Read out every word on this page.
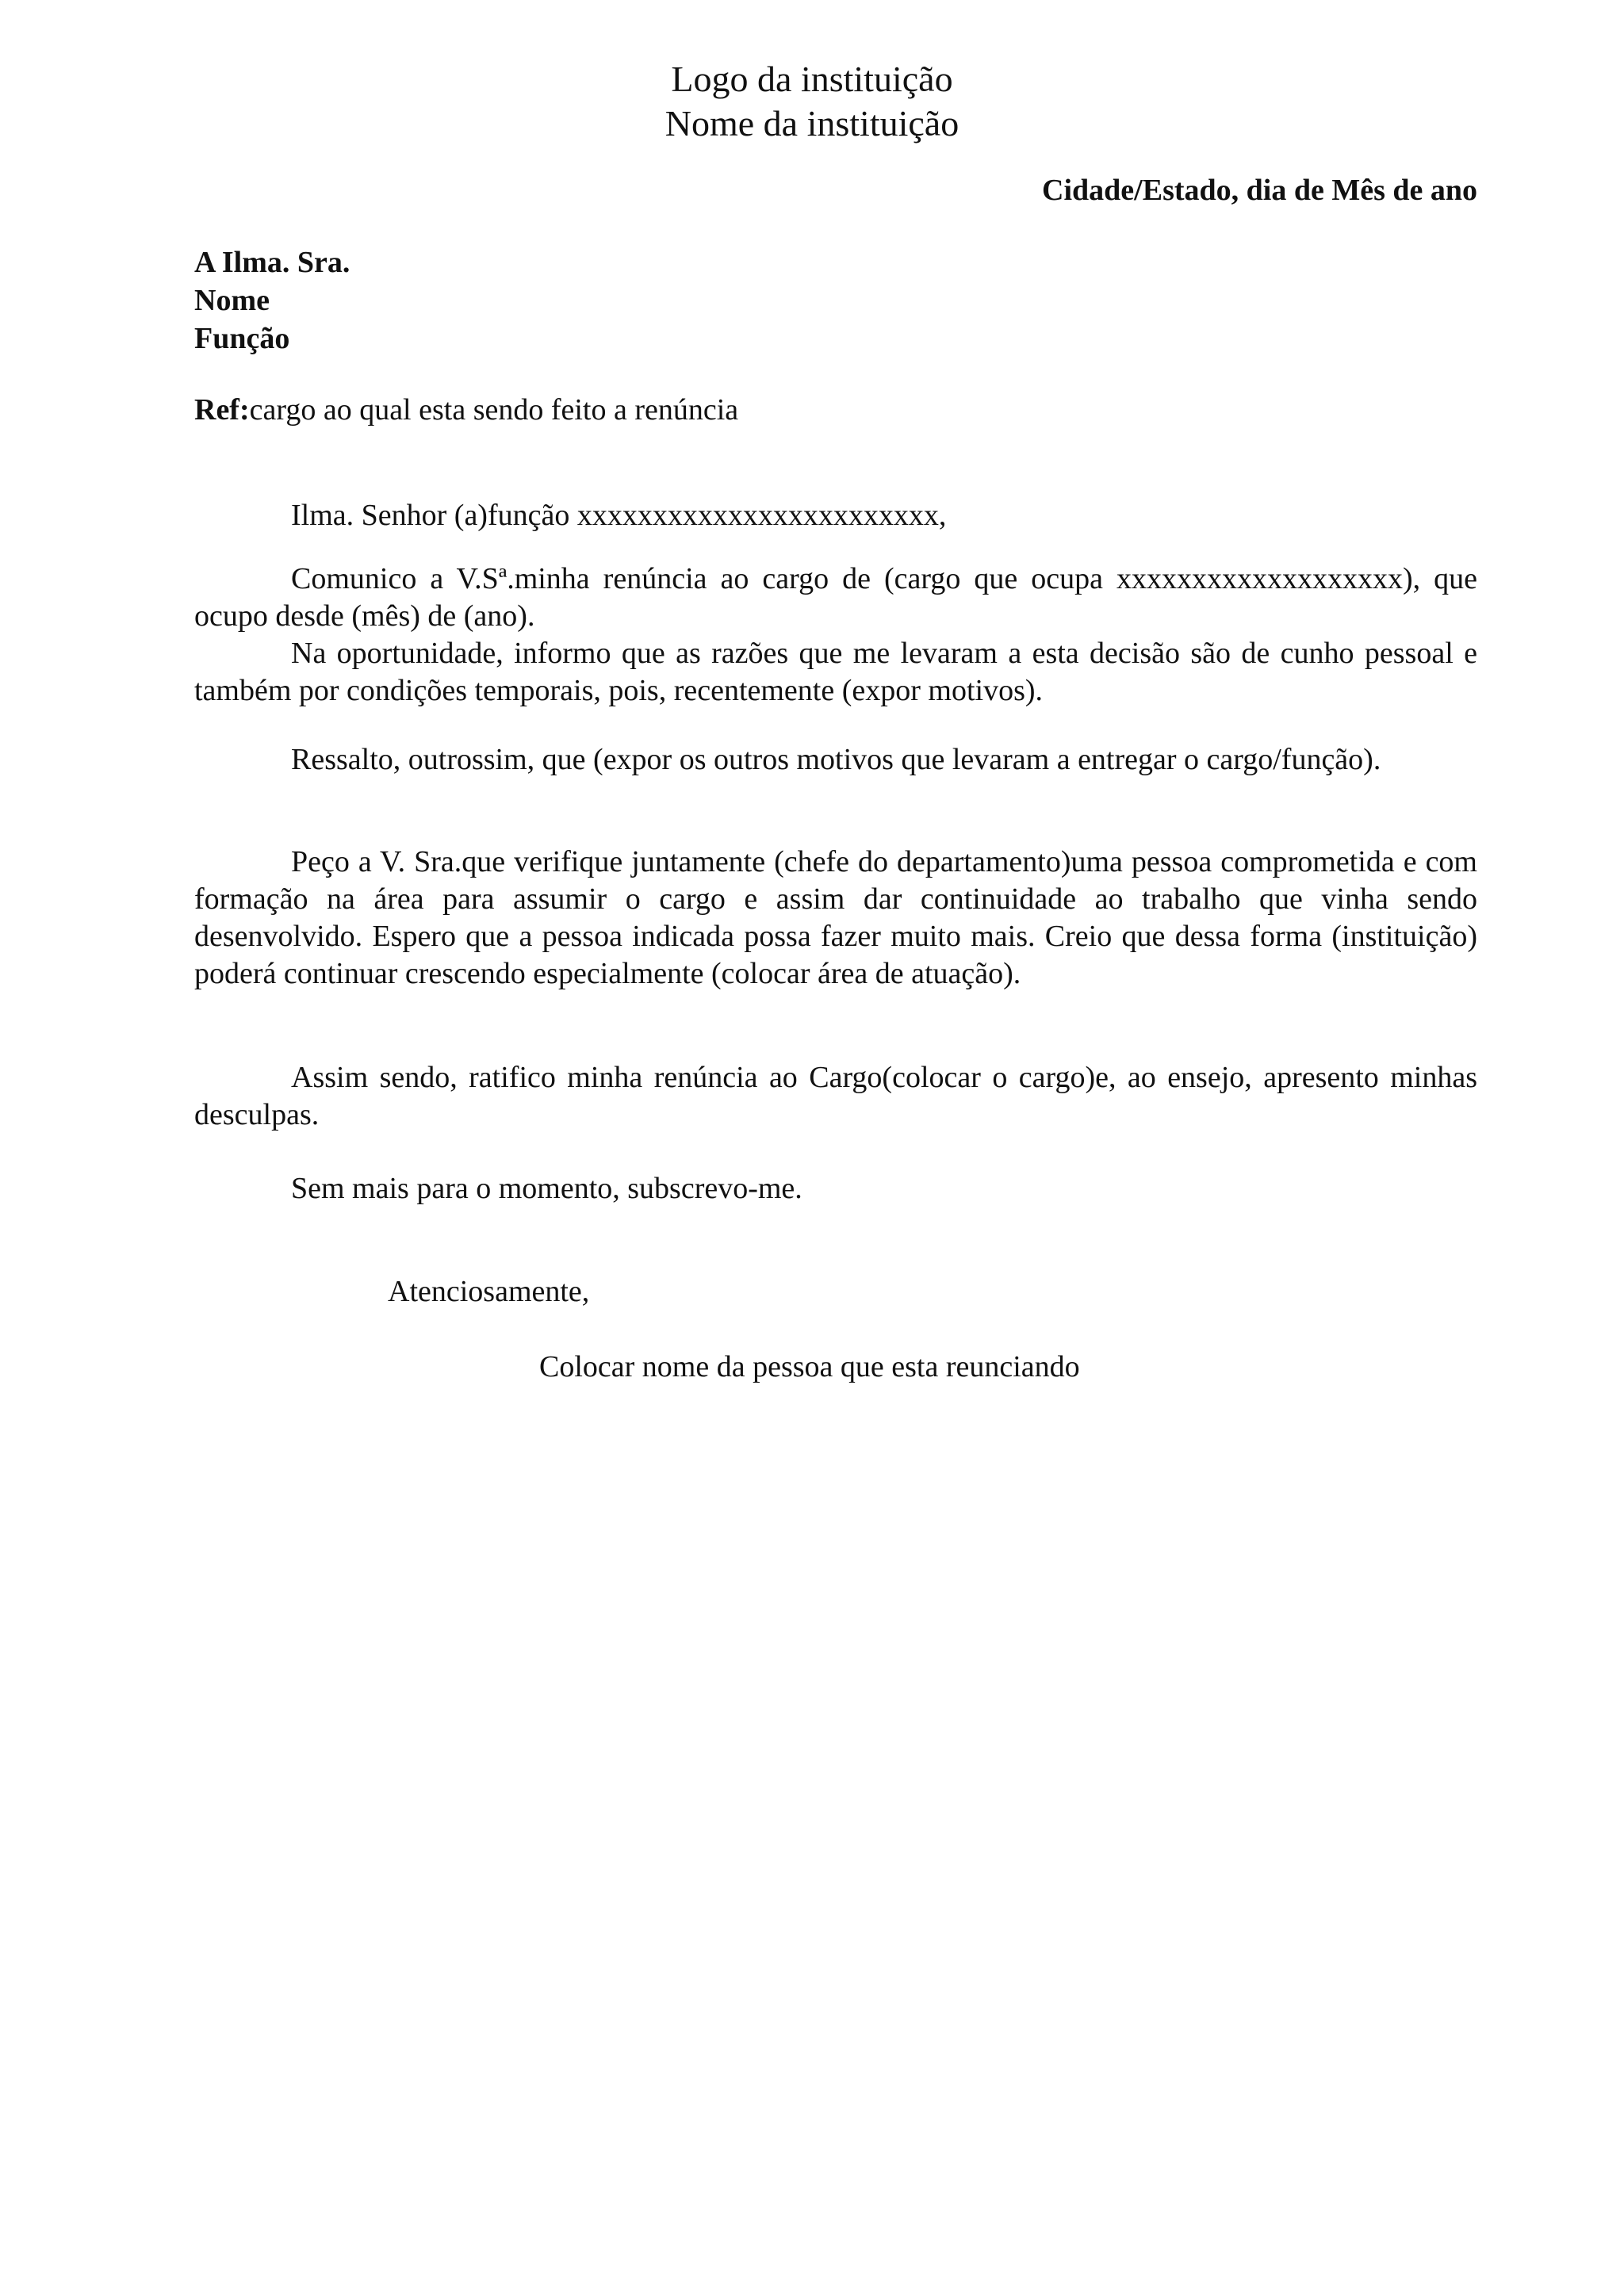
Logo da instituição
Nome da instituição
Cidade/Estado, dia de Mês de ano
A Ilma. Sra.
Nome
Função
Ref:cargo ao qual esta sendo feito a renúncia

Ilma. Senhor (a)função xxxxxxxxxxxxxxxxxxxxxxxx,

Comunico a V.Sª.minha renúncia ao cargo de (cargo que ocupa xxxxxxxxxxxxxxxxxxx), que ocupo desde (mês) de (ano).

Na oportunidade, informo que as razões que me levaram a esta decisão são de cunho pessoal e também por condições temporais, pois, recentemente (expor motivos).

Ressalto, outrossim, que (expor os outros motivos que levaram a entregar o cargo/função).

Peço a V. Sra.que verifique juntamente (chefe do departamento)uma pessoa comprometida e com formação na área para assumir o cargo e assim dar continuidade ao trabalho que vinha sendo desenvolvido. Espero que a pessoa indicada possa fazer muito mais. Creio que dessa forma (instituição) poderá continuar crescendo especialmente (colocar área de atuação).

Assim sendo, ratifico minha renúncia ao Cargo(colocar o cargo)e, ao ensejo, apresento minhas desculpas.

Sem mais para o momento, subscrevo-me.

Atenciosamente,
Colocar nome da pessoa que esta reunciando
